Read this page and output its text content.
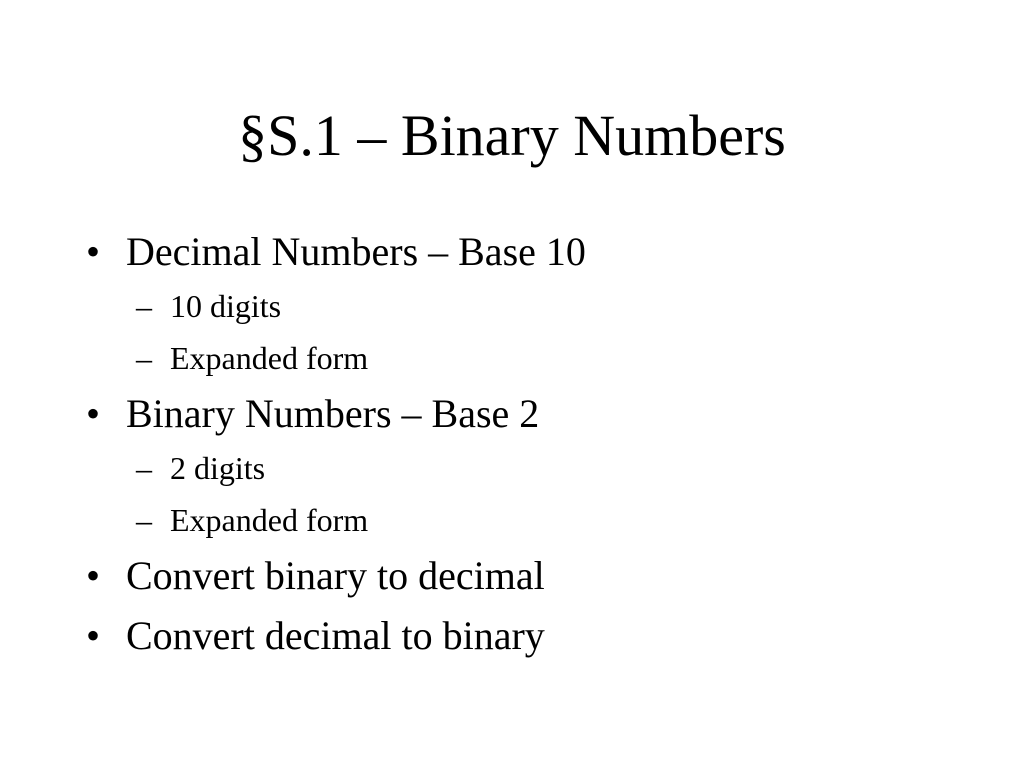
§S.1 – Binary Numbers
• Decimal Numbers – Base 10
– 10 digits
– Expanded form
• Binary Numbers – Base 2
– 2 digits
– Expanded form
• Convert binary to decimal
• Convert decimal to binary
